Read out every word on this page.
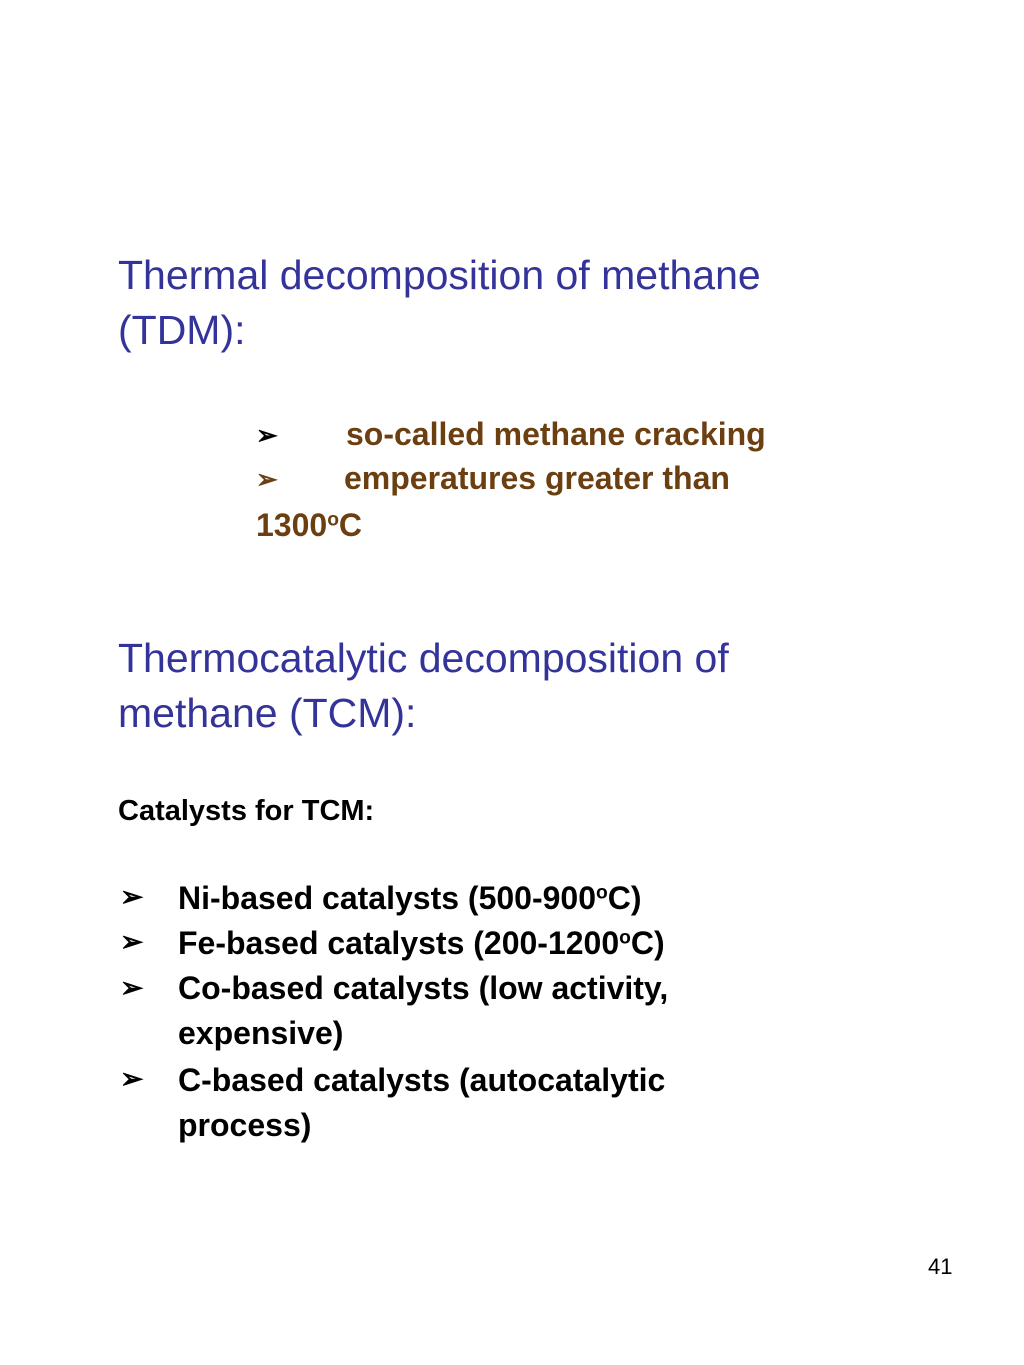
Thermal decomposition of methane (TDM):
➢ so-called methane cracking
➢ emperatures greater than
1300$^o$C
Thermocatalytic decomposition of methane (TCM):
Catalysts for TCM:
➢ Ni-based catalysts (500-900$^o$C)
➢ Fe-based catalysts (200-1200$^o$C)
➢ Co-based catalysts (low activity, expensive)
➢ C-based catalysts (autocatalytic process)
41
